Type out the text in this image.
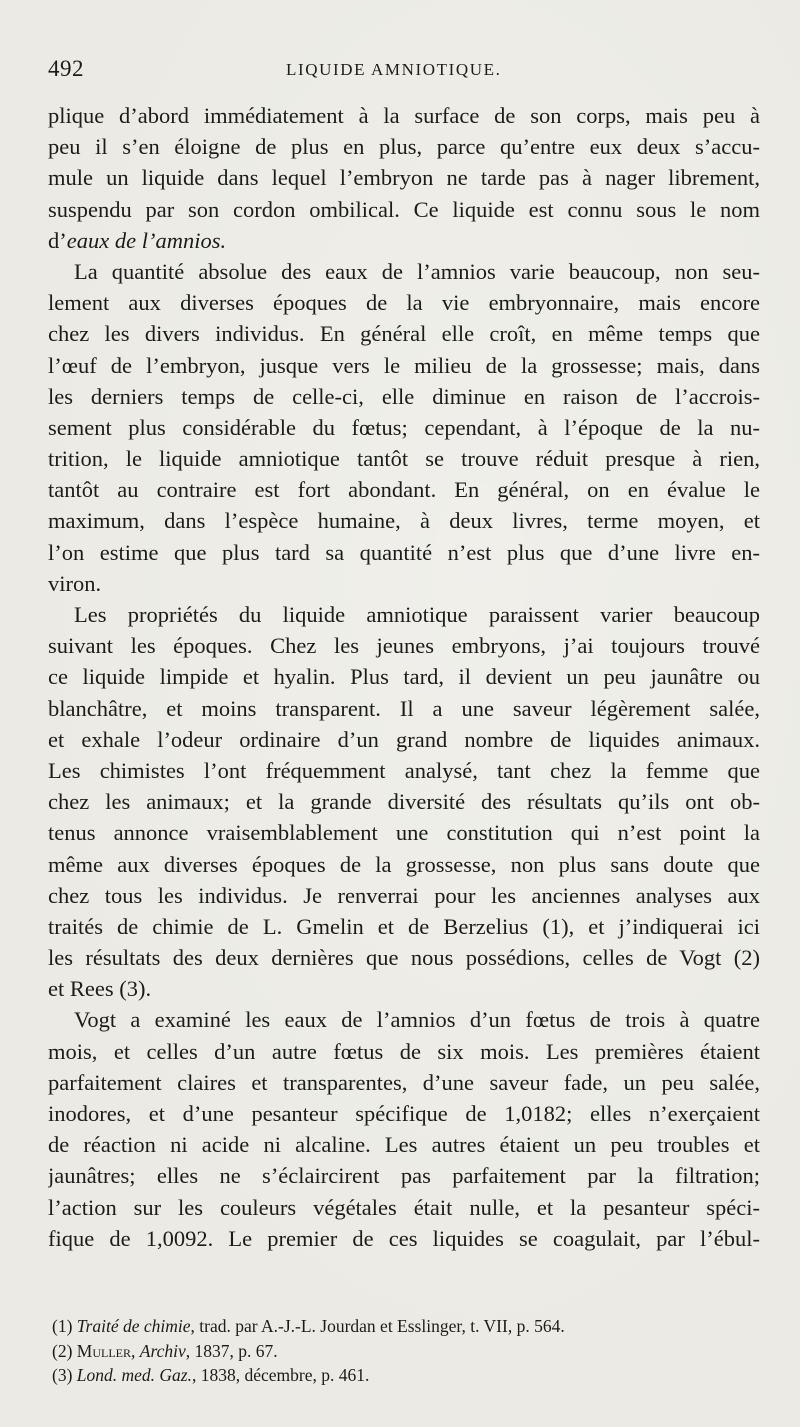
492	LIQUIDE AMNIOTIQUE.
plique d’abord immédiatement à la surface de son corps, mais peu à
peu il s’en éloigne de plus en plus, parce qu’entre eux deux s’accu-
mule un liquide dans lequel l’embryon ne tarde pas à nager librement,
suspendu par son cordon ombilical. Ce liquide est connu sous le nom
d’eaux de l’amnios.
La quantité absolue des eaux de l’amnios varie beaucoup, non seu-
lement aux diverses époques de la vie embryonnaire, mais encore
chez les divers individus. En général elle croît, en même temps que
l’œuf de l’embryon, jusque vers le milieu de la grossesse; mais, dans
les derniers temps de celle-ci, elle diminue en raison de l’accrois-
sement plus considérable du fœtus; cependant, à l’époque de la nu-
trition, le liquide amniotique tantôt se trouve réduit presque à rien,
tantôt au contraire est fort abondant. En général, on en évalue le
maximum, dans l’espèce humaine, à deux livres, terme moyen, et
l’on estime que plus tard sa quantité n’est plus que d’une livre en-
viron.
Les propriétés du liquide amniotique paraissent varier beaucoup
suivant les époques. Chez les jeunes embryons, j’ai toujours trouvé
ce liquide limpide et hyalin. Plus tard, il devient un peu jaunâtre ou
blanchâtre, et moins transparent. Il a une saveur légèrement salée,
et exhale l’odeur ordinaire d’un grand nombre de liquides animaux.
Les chimistes l’ont fréquemment analysé, tant chez la femme que
chez les animaux; et la grande diversité des résultats qu’ils ont ob-
tenus annonce vraisemblablement une constitution qui n’est point la
même aux diverses époques de la grossesse, non plus sans doute que
chez tous les individus. Je renverrai pour les anciennes analyses aux
traités de chimie de L. Gmelin et de Berzelius (1), et j’indiquerai ici
les résultats des deux dernières que nous possédions, celles de Vogt (2)
et Rees (3).
Vogt a examiné les eaux de l’amnios d’un fœtus de trois à quatre
mois, et celles d’un autre fœtus de six mois. Les premières étaient
parfaitement claires et transparentes, d’une saveur fade, un peu salée,
inodores, et d’une pesanteur spécifique de 1,0182; elles n’exerçaient
de réaction ni acide ni alcaline. Les autres étaient un peu troubles et
jaunâtres; elles ne s’éclaircirent pas parfaitement par la filtration;
l’action sur les couleurs végétales était nulle, et la pesanteur spéci-
fique de 1,0092. Le premier de ces liquides se coagulait, par l’ébul-
(1) Traité de chimie, trad. par A.-J.-L. Jourdan et Esslinger, t. VII, p. 564.
(2) Muller, Archiv, 1837, p. 67.
(3) Lond. med. Gaz., 1838, décembre, p. 461.
